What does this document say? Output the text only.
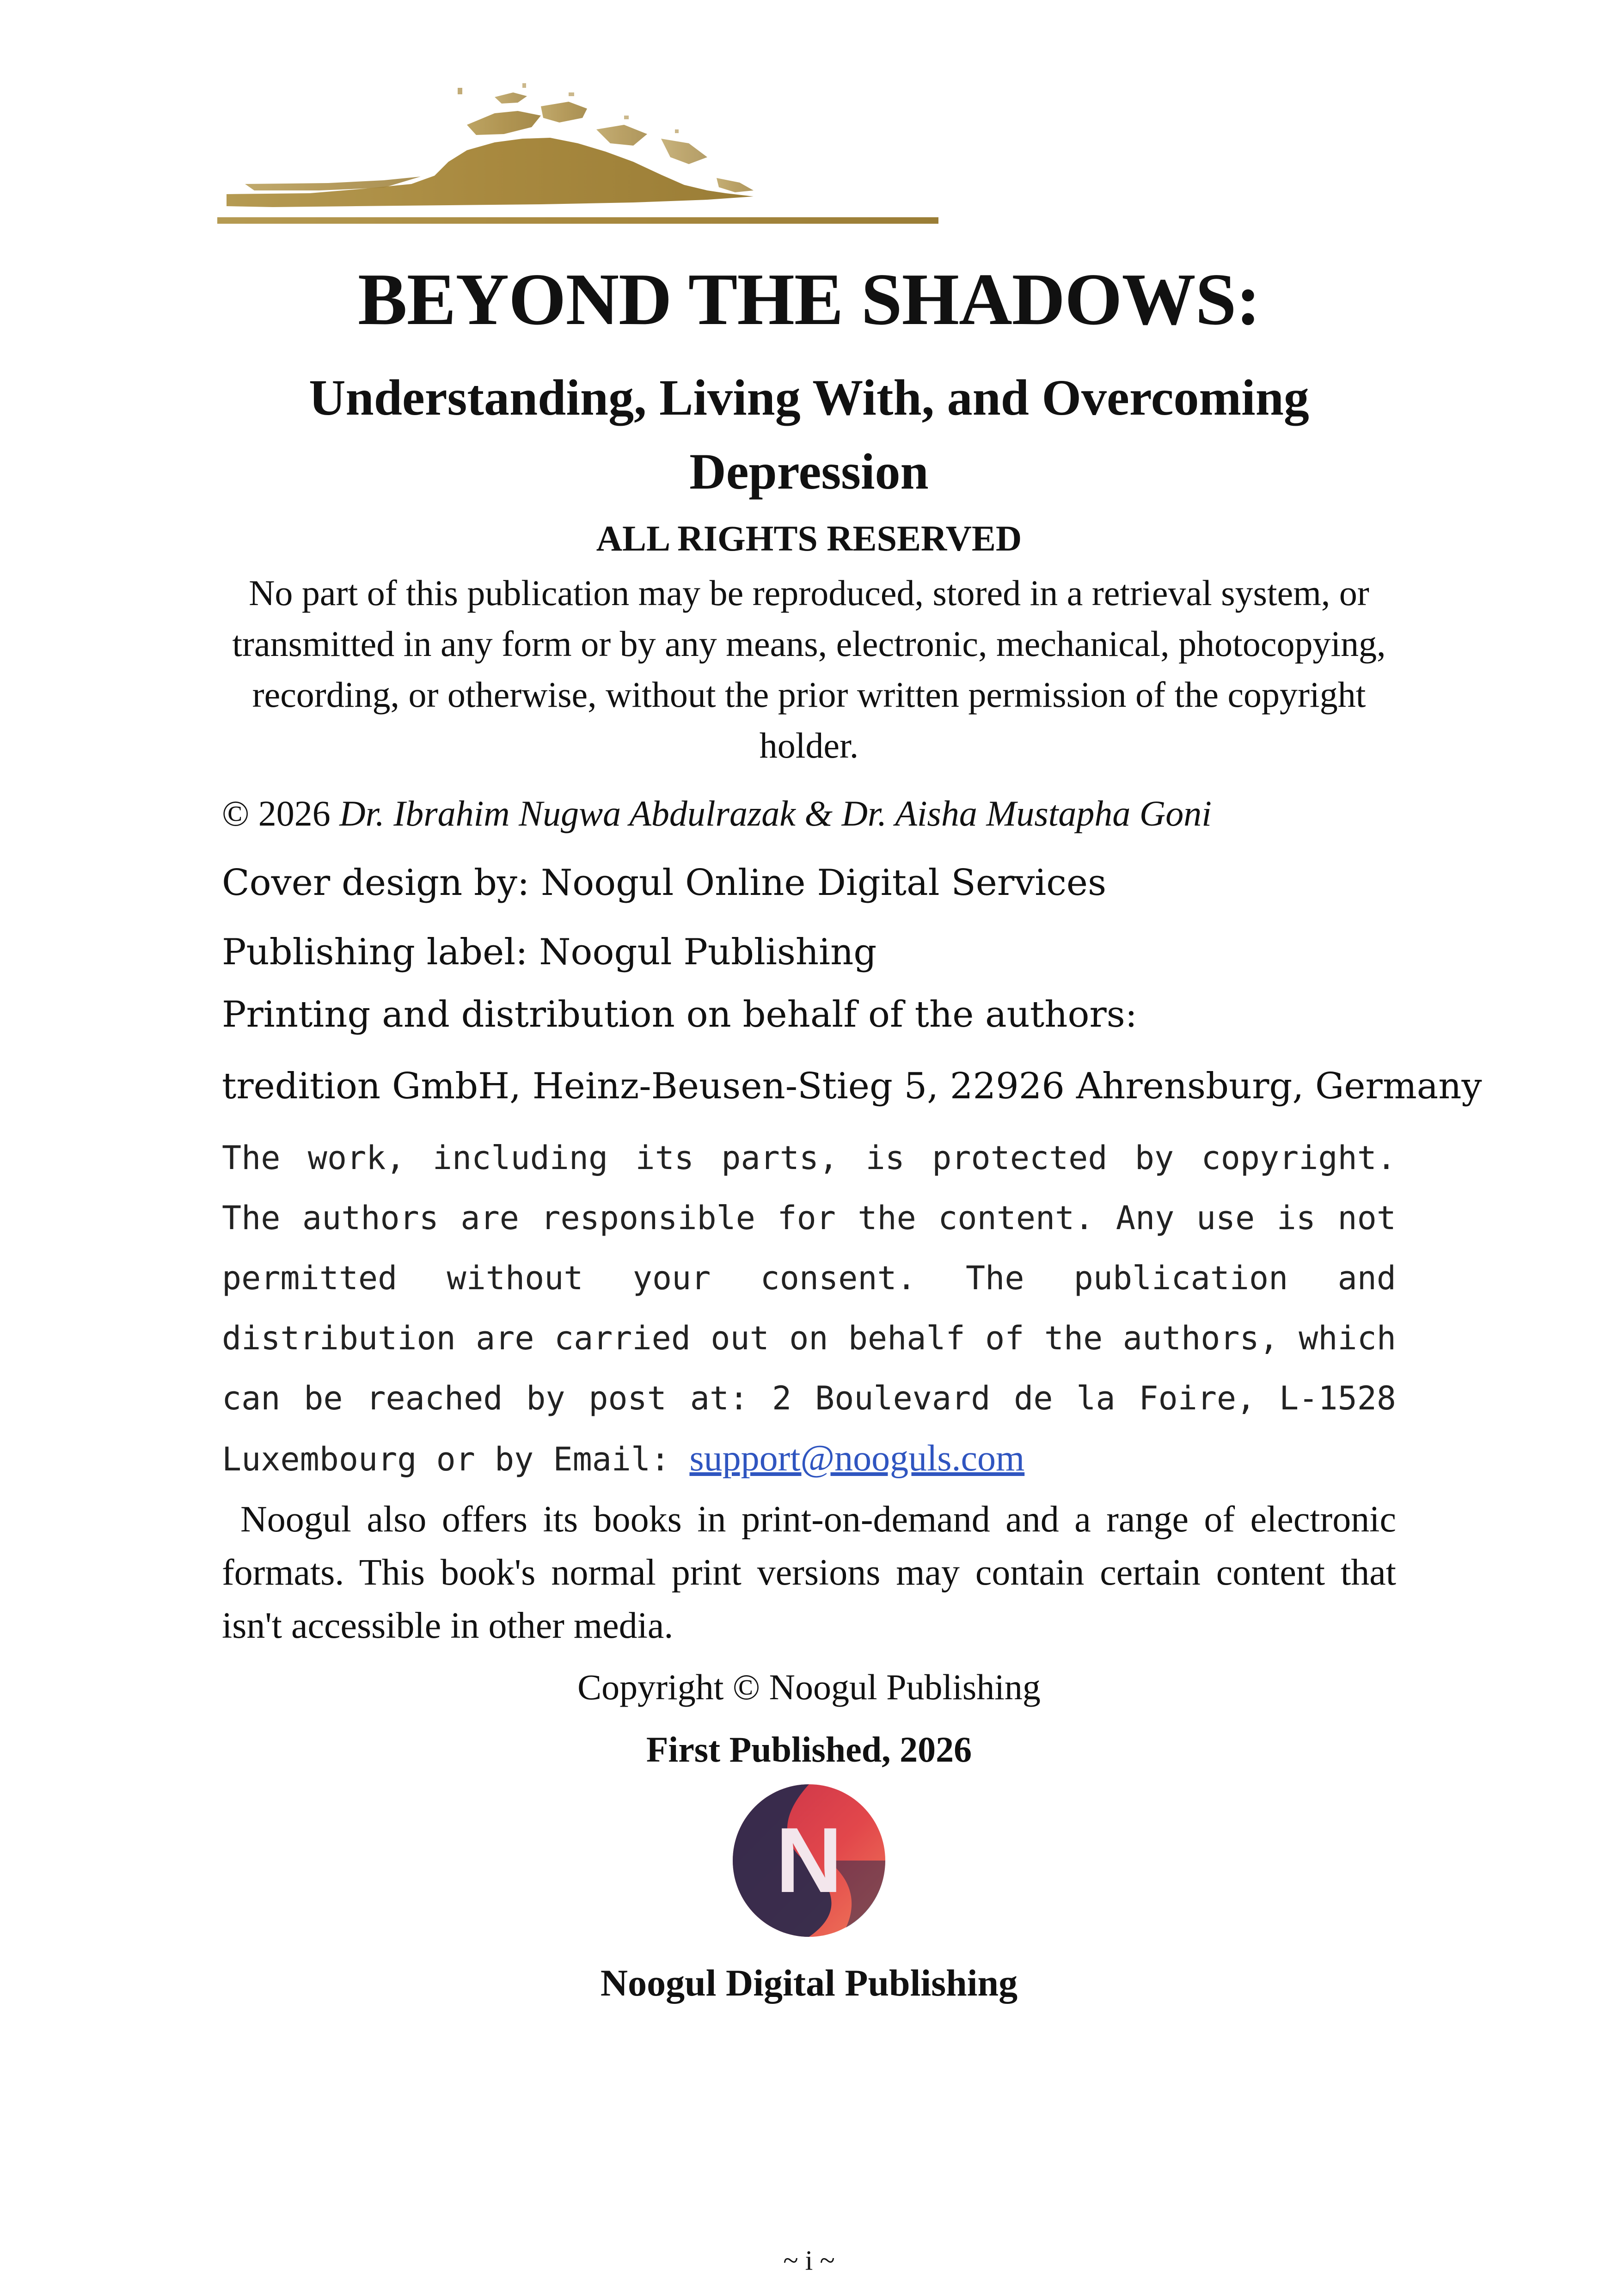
BEYOND THE SHADOWS:
Understanding, Living With, and Overcoming
Depression
ALL RIGHTS RESERVED
No part of this publication may be reproduced, stored in a retrieval system, or transmitted in any form or by any means, electronic, mechanical, photocopying, recording, or otherwise, without the prior written permission of the copyright holder.
© 2026 Dr. Ibrahim Nugwa Abdulrazak & Dr. Aisha Mustapha Goni
Cover design by: Noogul Online Digital Services
Publishing label: Noogul Publishing
Printing and distribution on behalf of the authors:
tredition GmbH, Heinz-Beusen-Stieg 5, 22926 Ahrensburg, Germany
The work, including its parts, is protected by copyright. The authors are responsible for the content. Any use is not permitted without your consent. The publication and distribution are carried out on behalf of the authors, which can be reached by post at: 2 Boulevard de la Foire, L-1528 Luxembourg or by Email: support@nooguls.com
Noogul also offers its books in print-on-demand and a range of electronic formats. This book's normal print versions may contain certain content that isn't accessible in other media.
Copyright © Noogul Publishing
First Published, 2026
N
Noogul Digital Publishing
~ i ~
